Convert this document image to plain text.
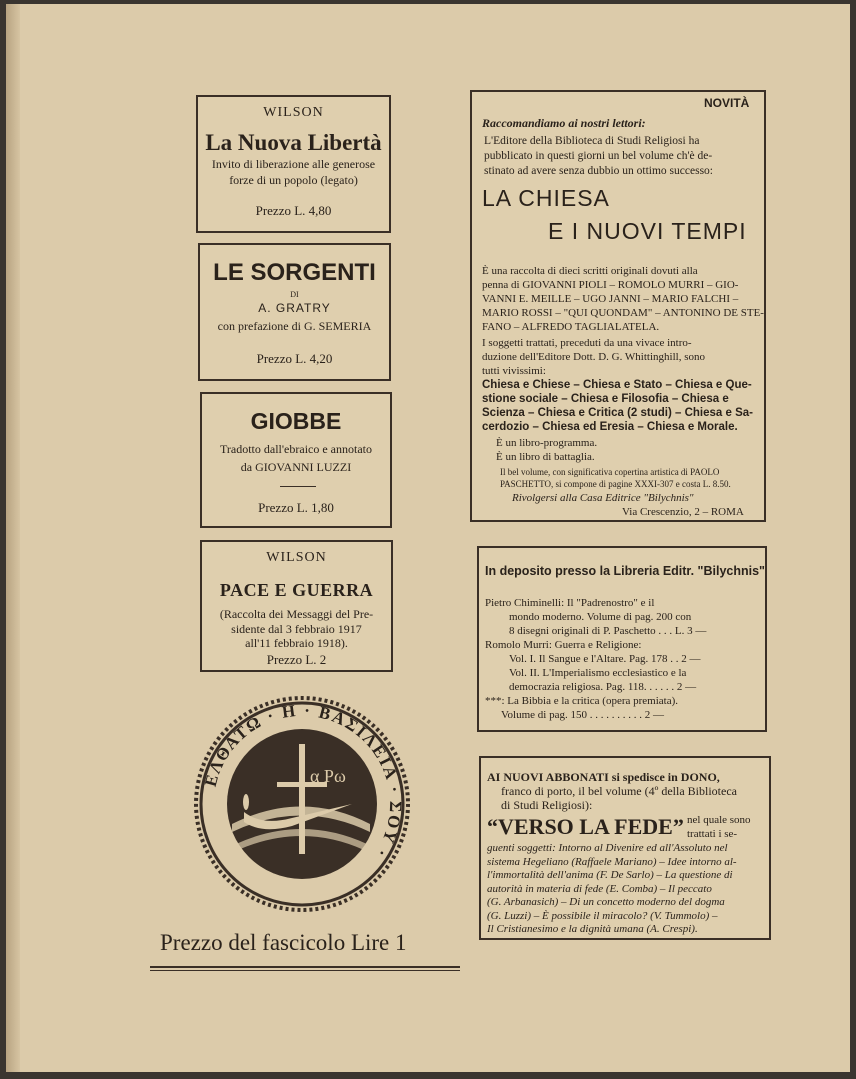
WILSON
La Nuova Libertà
Invito di liberazione alle generose
forze di un popolo (legato)
Prezzo L. 4,80
LE SORGENTI
DI
A. GRATRY
con prefazione di G. SEMERIA
Prezzo L. 4,20
GIOBBE
Tradotto dall'ebraico e annotato
da GIOVANNI LUZZI
Prezzo L. 1,80
WILSON
PACE E GUERRA
(Raccolta dei Messaggi del Pre-
sidente dal 3 febbraio 1917
all'11 febbraio 1918).
Prezzo L. 2
ΕΛΘΑΤΩ · Η · ΒΑΣΙΛΕΙΑ · ΣΟΥ ·
α Ρω
Prezzo del fascicolo Lire 1
NOVITÀ
Raccomandiamo ai nostri lettori:
L'Editore della Biblioteca di Studi Religiosi ha
pubblicato in questi giorni un bel volume ch'è de-
stinato ad avere senza dubbio un ottimo successo:
LA CHIESA
E I NUOVI TEMPI
È una raccolta di dieci scritti originali dovuti alla
penna di GIOVANNI PIOLI – ROMOLO MURRI – GIO-
VANNI E. MEILLE – UGO JANNI – MARIO FALCHI –
MARIO ROSSI – "QUI QUONDAM" – ANTONINO DE STE-
FANO – ALFREDO TAGLIALATELA.
I soggetti trattati, preceduti da una vivace intro-
duzione dell'Editore Dott. D. G. Whittinghill, sono
tutti vivissimi:
Chiesa e Chiese – Chiesa e Stato – Chiesa e Que-
stione sociale – Chiesa e Filosofia – Chiesa e
Scienza – Chiesa e Critica (2 studi) – Chiesa e Sa-
cerdozio – Chiesa ed Eresia – Chiesa e Morale.
È un libro-programma.
È un libro di battaglia.
Il bel volume, con significativa copertina artistica di PAOLO
PASCHETTO, si compone di pagine XXXI-307 e costa L. 8.50.
Rivolgersi alla Casa Editrice "Bilychnis"
Via Crescenzio, 2 – ROMA
In deposito presso la Libreria Editr. "Bilychnis"
Pietro Chiminelli: Il "Padrenostro" e il
mondo moderno. Volume di pag. 200 con
8 disegni originali di P. Paschetto . . . L. 3 —
Romolo Murri: Guerra e Religione:
Vol. I. Il Sangue e l'Altare. Pag. 178 . . 2 —
Vol. II. L'Imperialismo ecclesiastico e la
democrazia religiosa. Pag. 118. . . . . . 2 —
***: La Bibbia e la critica (opera premiata).
Volume di pag. 150 . . . . . . . . . . 2 —
AI NUOVI ABBONATI si spedisce in DONO,
franco di porto, il bel volume (4º della Biblioteca
di Studi Religiosi):
“VERSO LA FEDE” nel quale sono
trattati i se-
guenti soggetti: Intorno al Divenire ed all'Assoluto nel
sistema Hegeliano (Raffaele Mariano) – Idee intorno al-
l'immortalità dell'anima (F. De Sarlo) – La questione di
autorità in materia di fede (E. Comba) – Il peccato
(G. Arbanasich) – Di un concetto moderno del dogma
(G. Luzzi) – È possibile il miracolo? (V. Tummolo) –
Il Cristianesimo e la dignità umana (A. Crespi).
